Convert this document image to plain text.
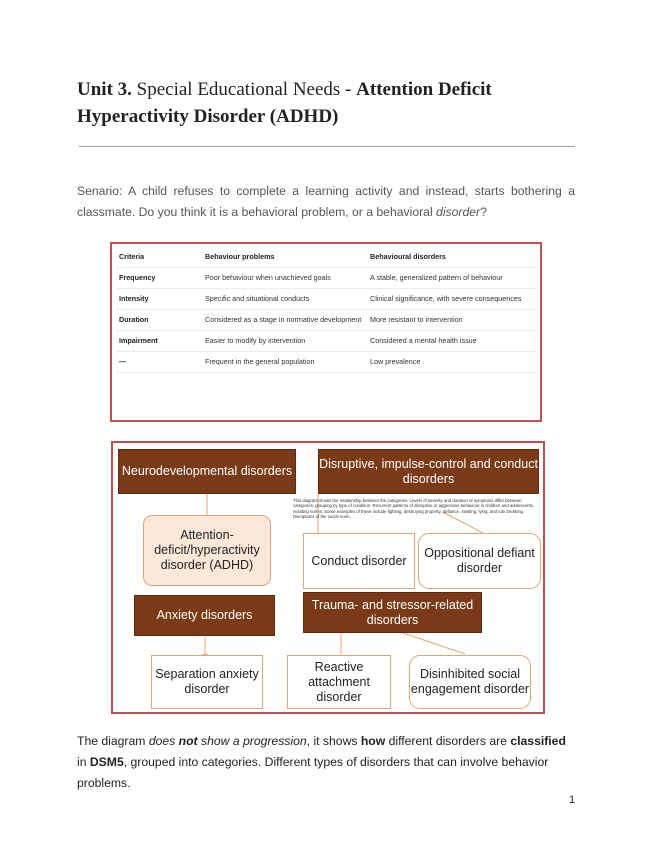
Unit 3. Special Educational Needs - Attention Deficit Hyperactivity Disorder (ADHD)
Senario: A child refuses to complete a learning activity and instead, starts bothering a classmate. Do you think it is a behavioral problem, or a behavioral disorder?
Criteria	Behaviour problems	Behavioural disorders
Frequency	Poor behaviour when unachieved goals	A stable, generalized pattern of behaviour
Intensity	Specific and situational conducts	Clinical significance, with severe consequences
Duration	Considered as a stage in normative development	More resistant to intervention
Impairment	Easier to modify by intervention	Considered a mental health issue
—	Frequent in the general population	Low prevalence
Neurodevelopmental disorders
Disruptive, impulse-control and conduct disorders
This diagram shows the relationship between the categories. Levels of severity and duration of symptoms differ between categories; grouping by type of condition. Recurrent patterns of disruptive or aggressive behaviour in children and adolescents, violating norms. Some examples of these include fighting, destroying property, defiance, stealing, lying, and rule breaking. Disruptions of the social norm.
Attention-deficit/hyperactivity disorder (ADHD)	Conduct disorder
Oppositional defiant disorder
Anxiety disorders
Trauma- and stressor-related disorders
Separation anxiety disorder
Reactive attachment disorder
Disinhibited social engagement disorder
The diagram does not show a progression, it shows how different disorders are classified in DSM5, grouped into categories. Different types of disorders that can involve behavior problems.
1
